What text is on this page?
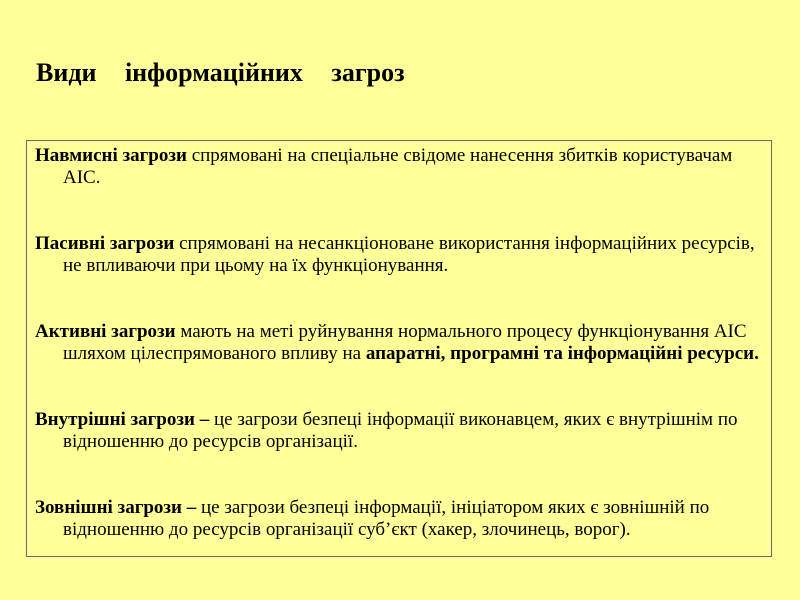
Види інформаційних загроз

Навмисні загрози спрямовані на спеціальне свідоме нанесення збитків користувачам АІС.

Пасивні загрози спрямовані на несанкціоноване використання інформаційних ресурсів, не впливаючи при цьому на їх функціонування.

Активні загрози мають на меті руйнування нормального процесу функціонування АІС шляхом цілеспрямованого впливу на апаратні, програмні та інформаційні ресурси.

Внутрішні загрози – це загрози безпеці інформації виконавцем, яких є внутрішнім по відношенню до ресурсів організації.

Зовнішні загрози – це загрози безпеці інформації, ініціатором яких є зовнішній по відношенню до ресурсів організації суб’єкт (хакер, злочинець, ворог).
